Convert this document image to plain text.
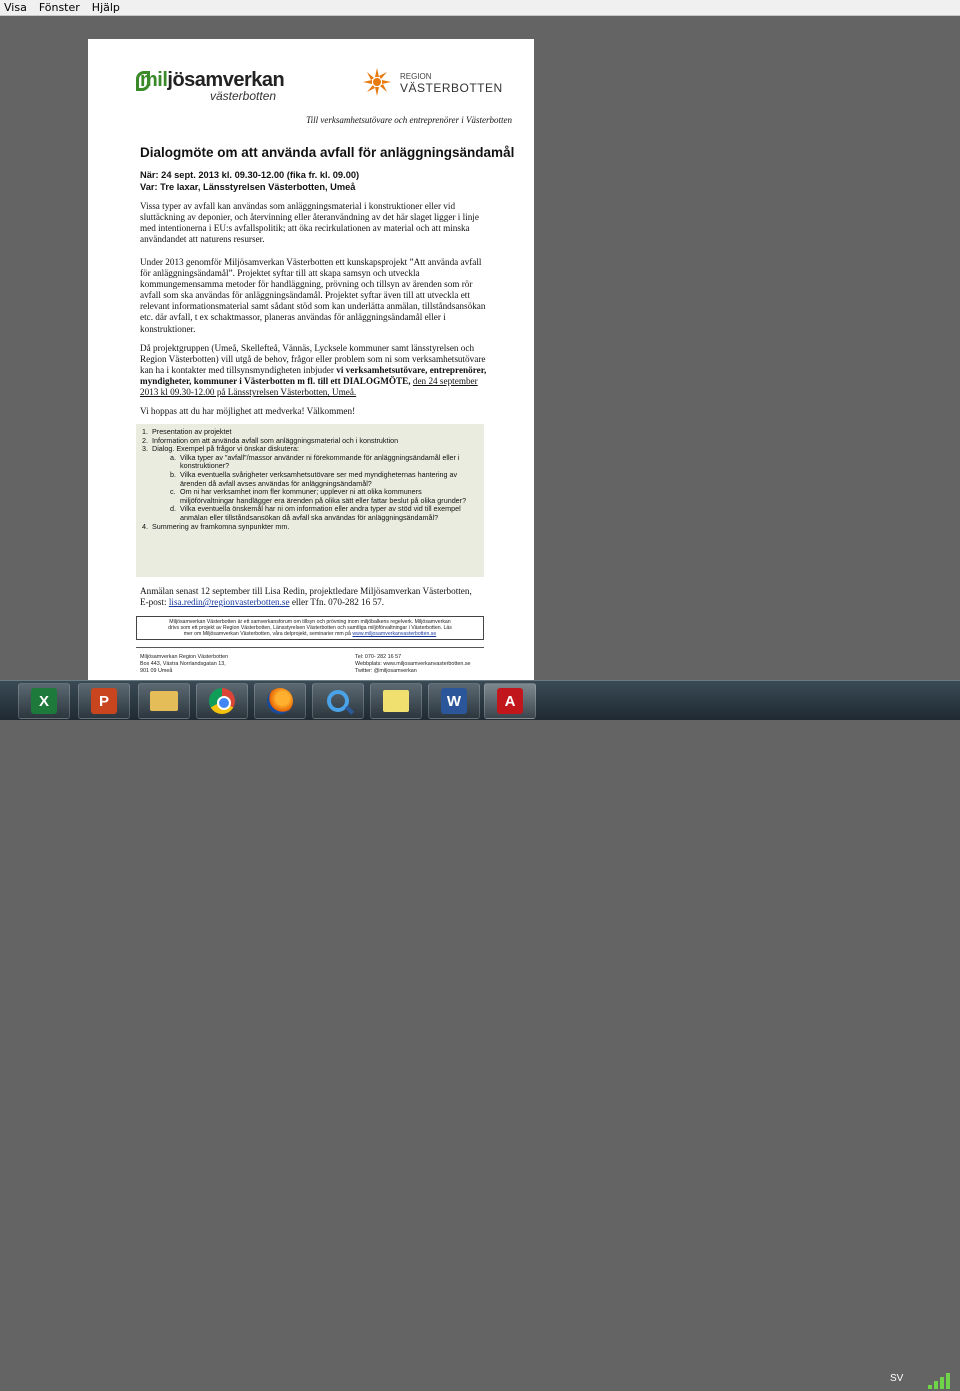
Visa Fönster Hjälp
miljösamverkan
västerbotten
REGION
VÄSTERBOTTEN
Till verksamhetsutövare och entreprenörer i Västerbotten
Dialogmöte om att använda avfall för anläggningsändamål
När: 24 sept. 2013 kl. 09.30-12.00 (fika fr. kl. 09.00)
Var: Tre laxar, Länsstyrelsen Västerbotten, Umeå
Vissa typer av avfall kan användas som anläggningsmaterial i konstruktioner eller vid sluttäckning av deponier, och återvinning eller återanvändning av det här slaget ligger i linje med intentionerna i EU:s avfallspolitik; att öka recirkulationen av material och att minska användandet att naturens resurser.
Under 2013 genomför Miljösamverkan Västerbotten ett kunskapsprojekt ”Att använda avfall för anläggningsändamål”. Projektet syftar till att skapa samsyn och utveckla kommungemensamma metoder för handläggning, prövning och tillsyn av ärenden som rör avfall som ska användas för anläggningsändamål. Projektet syftar även till att utveckla ett relevant informationsmaterial samt sådant stöd som kan underlätta anmälan, tillståndsansökan etc. där avfall, t ex schaktmassor, planeras användas för anläggningsändamål eller i konstruktioner.
Då projektgruppen (Umeå, Skellefteå, Vännäs, Lycksele kommuner samt länsstyrelsen och Region Västerbotten) vill utgå de behov, frågor eller problem som ni som verksamhetsutövare kan ha i kontakter med tillsynsmyndigheten inbjuder vi verksamhetsutövare, entreprenörer, myndigheter, kommuner i Västerbotten m fl. till ett DIALOGMÖTE, den 24 september 2013 kl 09.30-12.00 på Länsstyrelsen Västerbotten, Umeå.
Vi hoppas att du har möjlighet att medverka! Välkommen!
1. Presentation av projektet
2. Information om att använda avfall som anläggningsmaterial och i konstruktion
3. Dialog. Exempel på frågor vi önskar diskutera:
a. Vilka typer av ”avfall”/massor använder ni förekommande för anläggningsändamål eller i konstruktioner?
b. Vilka eventuella svårigheter verksamhetsutövare ser med myndigheternas hantering av ärenden då avfall avses användas för anläggningsändamål?
c. Om ni har verksamhet inom fler kommuner; upplever ni att olika kommuners miljöförvaltningar handlägger era ärenden på olika sätt eller fattar beslut på olika grunder?
d. Vilka eventuella önskemål har ni om information eller andra typer av stöd vid till exempel anmälan eller tillståndsansökan då avfall ska användas för anläggningsändamål?
4. Summering av framkomna synpunkter mm.
Anmälan senast 12 september till Lisa Redin, projektledare Miljösamverkan Västerbotten,
E-post: lisa.redin@regionvasterbotten.se eller Tfn. 070-282 16 57.
Miljösamverkan Västerbotten är ett samverkansforum om tillsyn och prövning inom miljöbalkens regelverk. Miljösamverkan
drivs som ett projekt av Region Västerbotten, Länsstyrelsen Västerbotten och samtliga miljöförvaltningar i Västerbotten. Läs
mer om Miljösamverkan Västerbotten, våra delprojekt, seminarier mm på www.miljosamverkanvasterbotten.se
Miljösamverkan Region Västerbotten
Box 443, Västra Norrlandsgatan 13,
901 09 Umeå
Tel: 070- 282 16 57
Webbplats: www.miljosamverkanvasterbotten.se
Twitter: @miljosamverkan
X	P	W	A
SV
